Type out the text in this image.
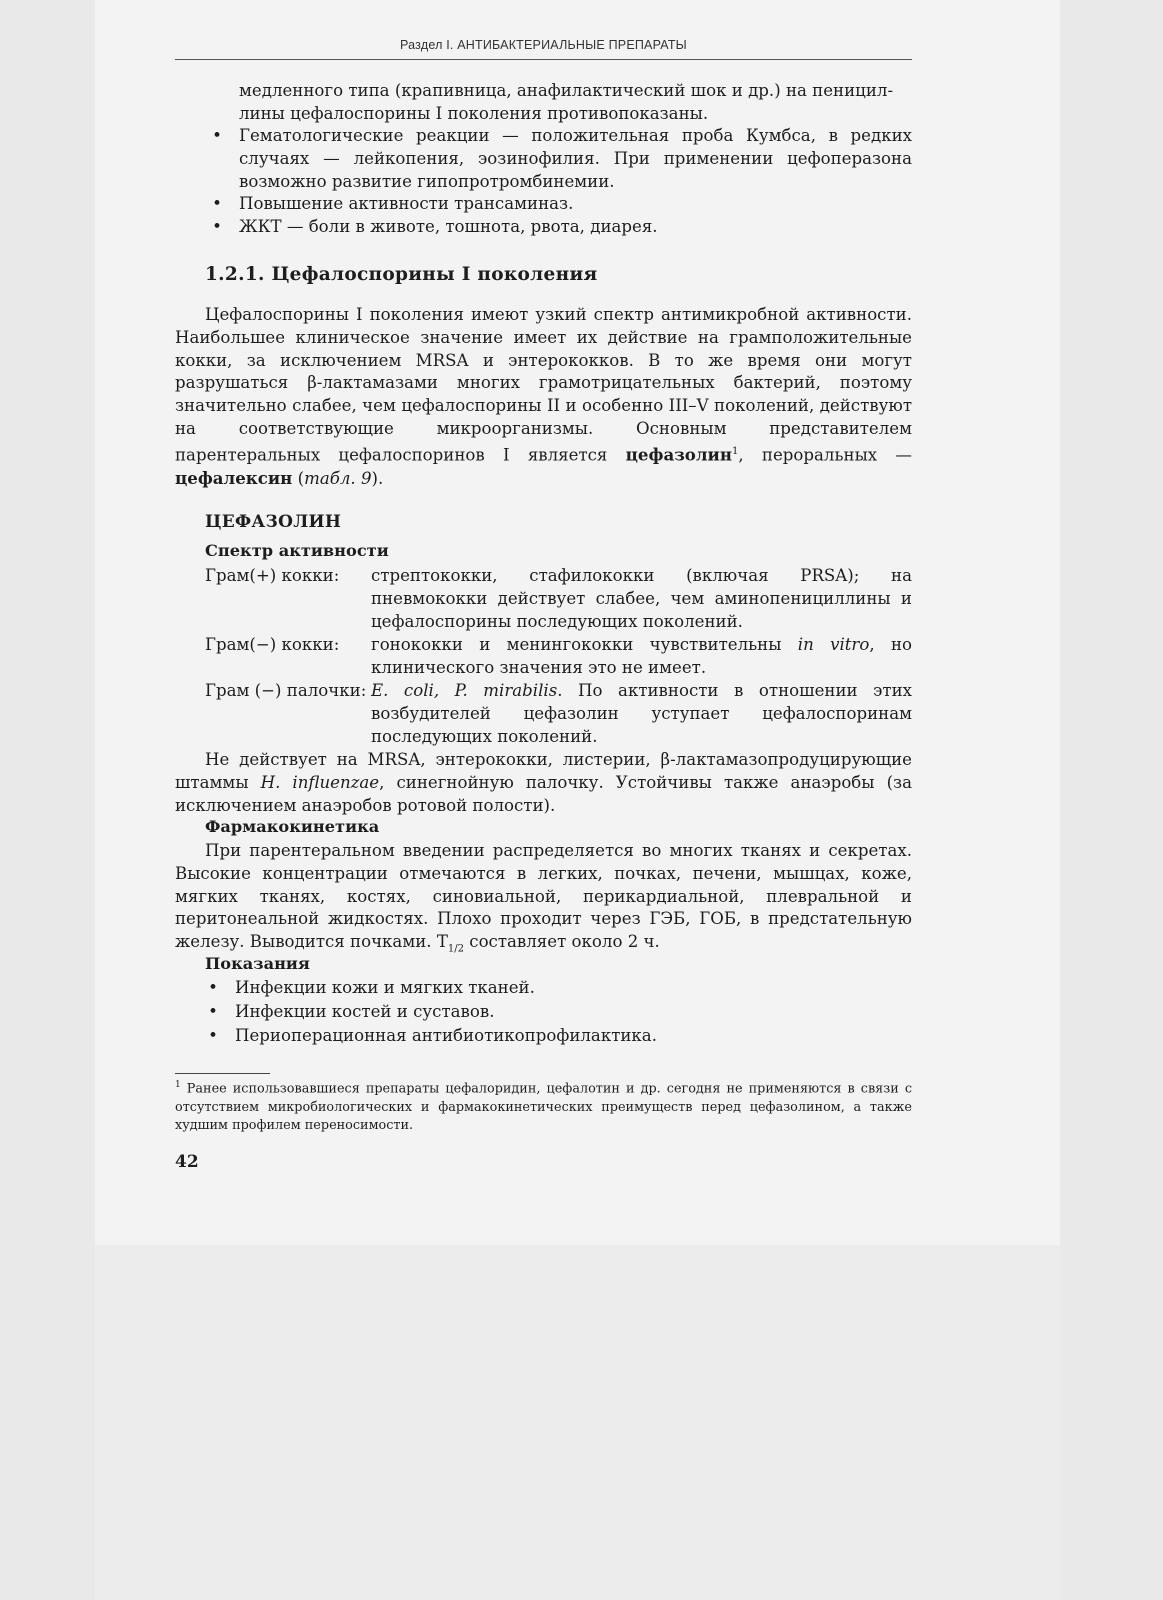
Раздел I. АНТИБАКТЕРИАЛЬНЫЕ ПРЕПАРАТЫ

медленного типа (крапивница, анафилактический шок и др.) на пеницил-

лины цефалоспорины I поколения противопоказаны.

•	Гематологические реакции — положительная проба Кумбса, в редких случаях — лейкопения, эозинофилия. При применении цефоперазона возможно развитие гипопротромбинемии.
•	Повышение активности трансаминаз.
•	ЖКТ — боли в животе, тошнота, рвота, диарея.
1.2.1. Цефалоспорины I поколения

Цефалоспорины I поколения имеют узкий спектр антимикробной активности. Наибольшее клиническое значение имеет их действие на грамположительные кокки, за исключением MRSA и энтерококков. В то же время они могут разрушаться β-лактамазами многих грамотрицательных бактерий, поэтому значительно слабее, чем цефалоспорины II и особенно III–V поколений, действуют на соответствующие микроорганизмы. Основным представителем парентеральных цефалоспоринов I является цефазолин$^1$, пероральных — цефалексин (табл. 9).

ЦЕФАЗОЛИН
Спектр активности
Грам(+) кокки:	стрептококки, стафилококки (включая PRSA); на пневмококки действует слабее, чем аминопенициллины и цефалоспорины последующих поколений.
Грам(−) кокки:	гонококки и менингококки чувствительны in vitro, но клинического значения это не имеет.
Грам (−) палочки: E. coli, P. mirabilis. По активности в отношении этих возбудителей цефазолин уступает цефалоспоринам последующих поколений.

Не действует на MRSA, энтерококки, листерии, β-лактамазопродуцирующие штаммы H. influenzae, синегнойную палочку. Устойчивы также анаэробы (за исключением анаэробов ротовой полости).

Фармакокинетика

При парентеральном введении распределяется во многих тканях и секретах. Высокие концентрации отмечаются в легких, почках, печени, мышцах, коже, мягких тканях, костях, синовиальной, перикардиальной, плевральной и перитонеальной жидкостях. Плохо проходит через ГЭБ, ГОБ, в предстательную железу. Выводится почками. $T_{1/2}$ составляет около 2 ч.

Показания
•	Инфекции кожи и мягких тканей.
•	Инфекции костей и суставов.
•	Периоперационная антибиотикопрофилактика.
$^1$ Ранее использовавшиеся препараты цефалоридин, цефалотин и др. сегодня не применяются в связи с отсутствием микробиологических и фармакокинетических преимуществ перед цефазолином, а также худшим профилем переносимости.
42
